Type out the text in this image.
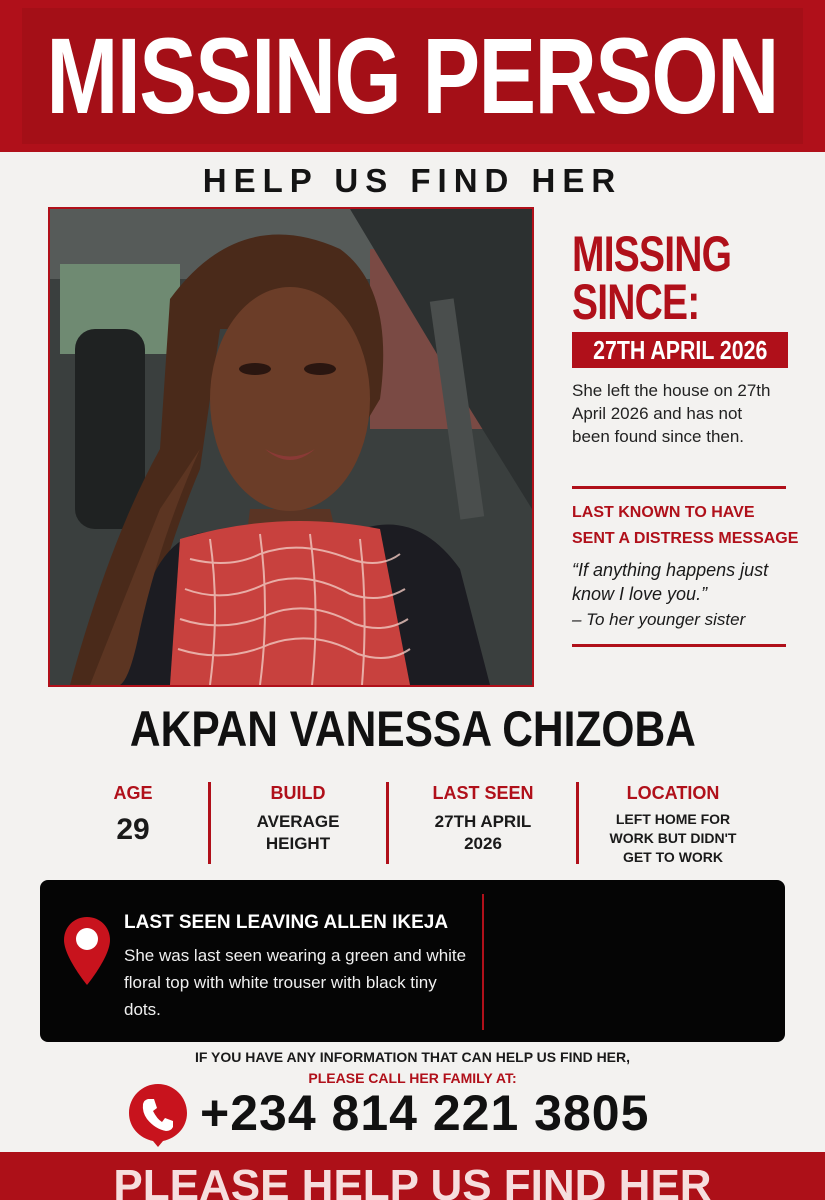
MISSING PERSON
HELP US FIND HER
MISSING
SINCE:
27TH APRIL 2026
She left the house on 27th April 2026 and has not been found since then.
LAST KNOWN TO HAVE
SENT A DISTRESS MESSAGE
“If anything happens just know I love you.”
– To her younger sister
AKPAN VANESSA CHIZOBA
AGE
29
BUILD
AVERAGE
HEIGHT
LAST SEEN
27TH APRIL
2026
LOCATION
LEFT HOME FOR
WORK BUT DIDN'T
GET TO WORK
LAST SEEN LEAVING ALLEN IKEJA
She was last seen wearing a green and white floral top with white trouser with black tiny dots.
IF YOU HAVE ANY INFORMATION THAT CAN HELP US FIND HER,
PLEASE CALL HER FAMILY AT:
+234 814 221 3805
PLEASE HELP US FIND HER
